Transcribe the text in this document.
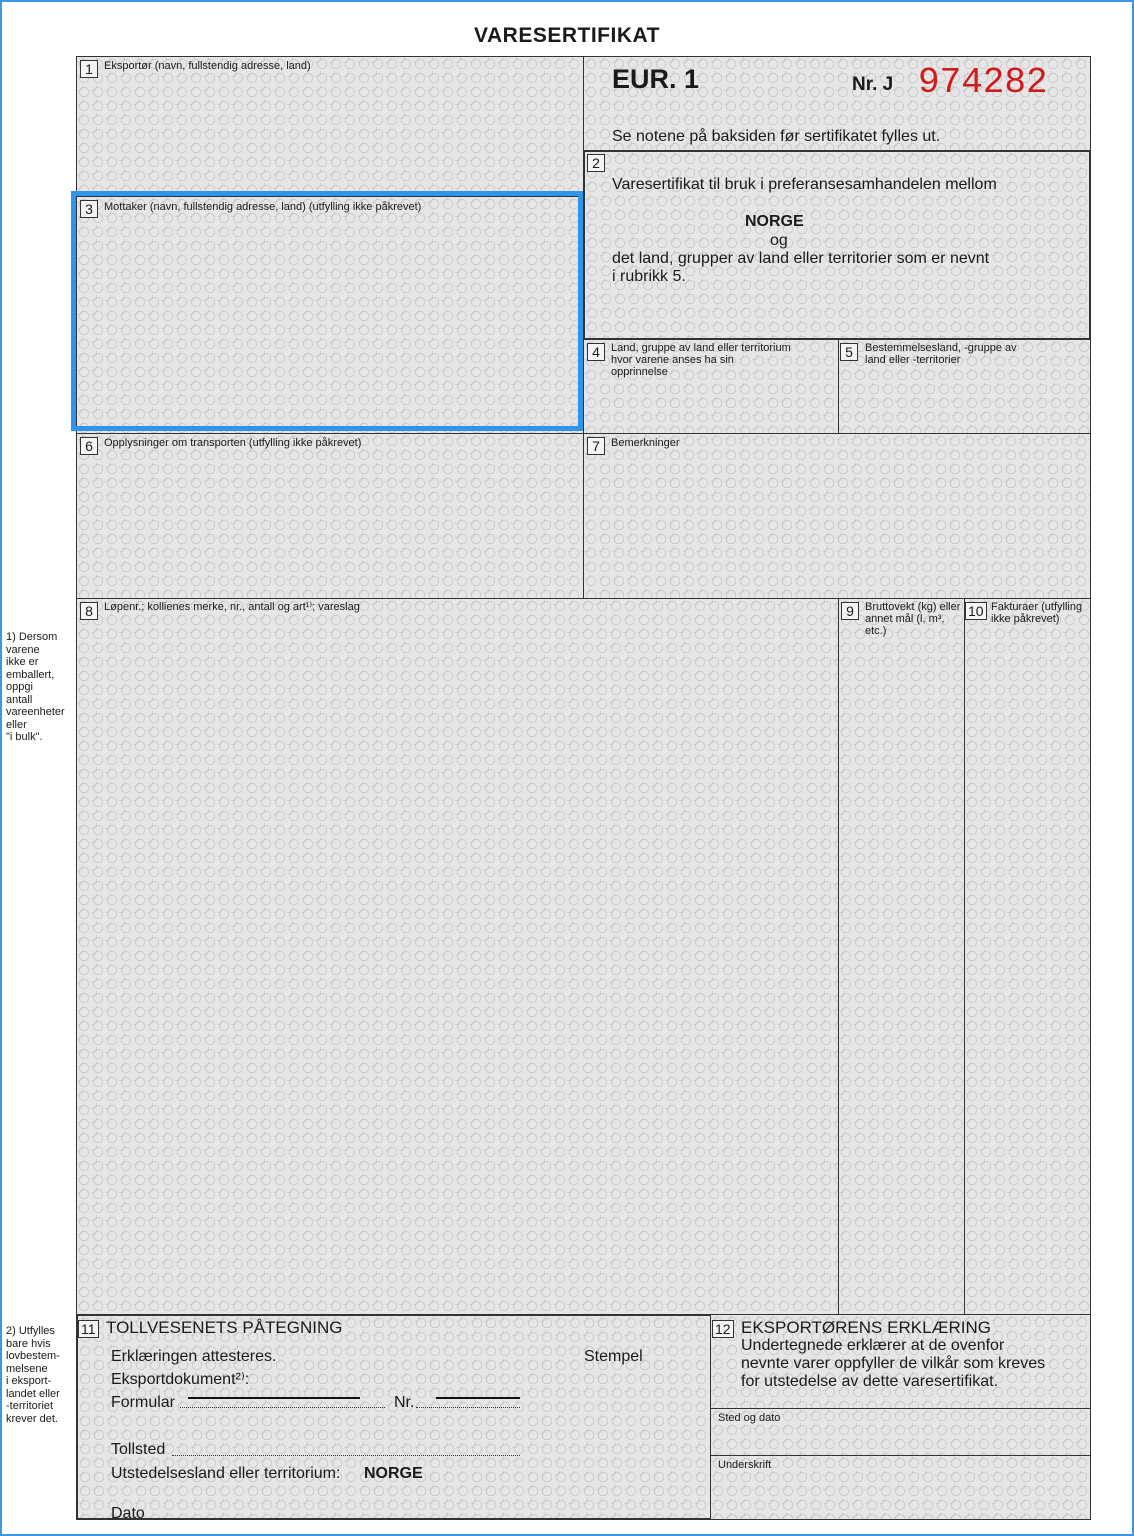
VARESERTIFIKAT
1	Eksportør (navn, fullstendig adresse, land)	EUR. 1	Nr. J 974282
Se notene på baksiden før sertifikatet fylles ut.
2
Varesertifikat til bruk i preferansesamhandelen mellom
NORGE
og
det land, grupper av land eller territorier som er nevnt
i rubrikk 5.
3	Mottaker (navn, fullstendig adresse, land) (utfylling ikke påkrevet)
4	Land, gruppe av land eller territorium hvor varene anses ha sin opprinnelse
5	Bestemmelsesland, -gruppe av land eller -territorier
6	Opplysninger om transporten (utfylling ikke påkrevet)	7	Bemerkninger
8	Løpenr.; kollienes merke, nr., antall og art¹⁾; vareslag	9	Bruttovekt (kg) eller annet mål (l, m³, etc.)
10 Fakturaer (utfylling ikke påkrevet)
11 TOLLVESENETS PÅTEGNING
Erklæringen attesteres.	Stempel
Eksportdokument²⁾:
Formular	Nr.
Tollsted
Utstedelsesland eller territorium: NORGE
Dato
12 EKSPORTØRENS ERKLÆRING
Undertegnede erklærer at de ovenfor
nevnte varer oppfyller de vilkår som kreves
for utstedelse av dette varesertifikat.
Sted og dato
Underskrift
1) Dersom
varene
ikke er
emballert,
oppgi
antall
vareenheter
eller
"i bulk".
2) Utfylles
bare hvis
lovbestem-
melsene
i eksport-
landet eller
-territoriet
krever det.
